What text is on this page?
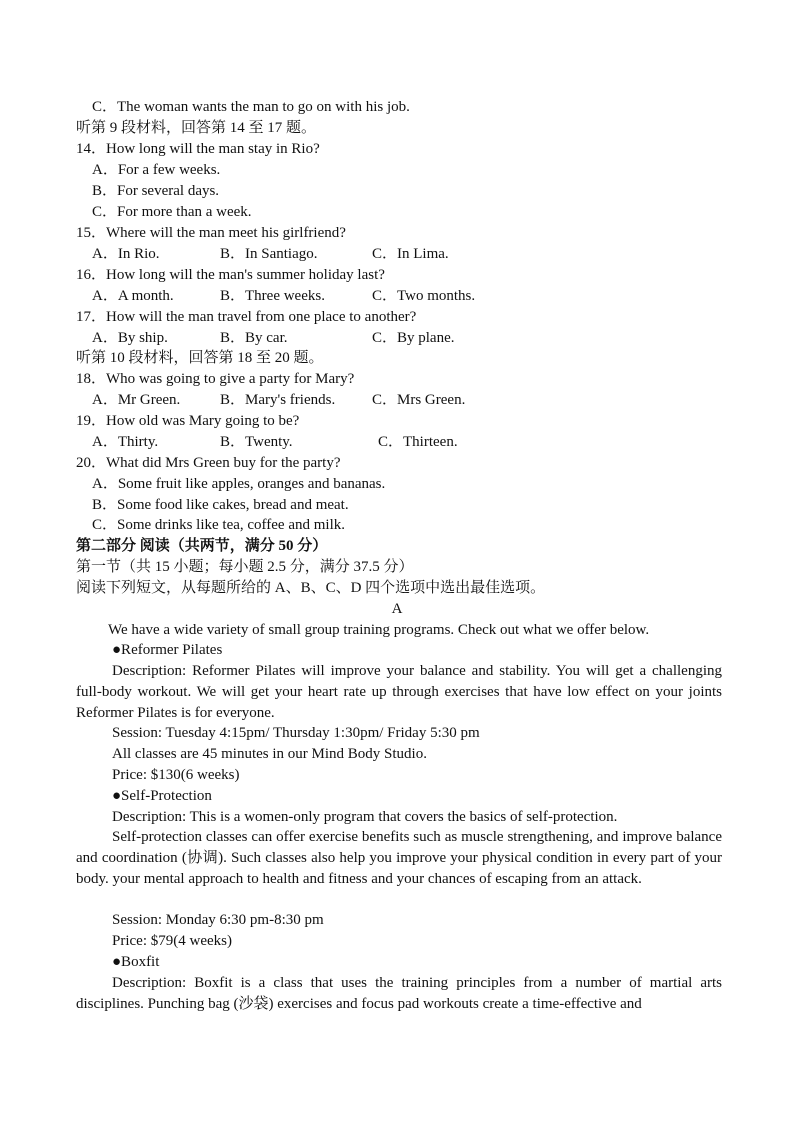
C．The woman wants the man to go on with his job.
听第 9 段材料，回答第 14 至 17 题。
14．How long will the man stay in Rio?
A．For a few weeks.
B．For several days.
C．For more than a week.
15．Where will the man meet his girlfriend?
A．In Rio.	B．In Santiago.	C．In Lima.
16．How long will the man's summer holiday last?
A．A month.	B．Three weeks.	C．Two months.
17．How will the man travel from one place to another?
A．By ship.	B．By car.	C．By plane.
听第 10 段材料，回答第 18 至 20 题。
18．Who was going to give a party for Mary?
A．Mr Green.	B．Mary's friends.	C．Mrs Green.
19．How old was Mary going to be?
A．Thirty.	B．Twenty.	C．Thirteen.
20．What did Mrs Green buy for the party?
A．Some fruit like apples, oranges and bananas.
B．Some food like cakes, bread and meat.
C．Some drinks like tea, coffee and milk.
第二部分 阅读（共两节，满分 50 分）
第一节（共 15 小题；每小题 2.5 分，满分 37.5 分）
阅读下列短文，从每题所给的 A、B、C、D 四个选项中选出最佳选项。
A
We have a wide variety of small group training programs. Check out what we offer below.
●Reformer Pilates
Description: Reformer Pilates will improve your balance and stability. You will get a challenging full-body workout. We will get your heart rate up through exercises that have low effect on your joints Reformer Pilates is for everyone.
Session: Tuesday 4:15pm/ Thursday 1:30pm/ Friday 5:30 pm
All classes are 45 minutes in our Mind Body Studio.
Price: $130(6 weeks)
●Self-Protection
Description: This is a women-only program that covers the basics of self-protection.
Self-protection classes can offer exercise benefits such as muscle strengthening, and improve balance and coordination (协调). Such classes also help you improve your physical condition in every part of your body. your mental approach to health and fitness and your chances of escaping from an attack.
Session: Monday 6:30 pm-8:30 pm
Price: $79(4 weeks)
●Boxfit
Description: Boxfit is a class that uses the training principles from a number of martial arts disciplines. Punching bag (沙袋) exercises and focus pad workouts create a time-effective and
